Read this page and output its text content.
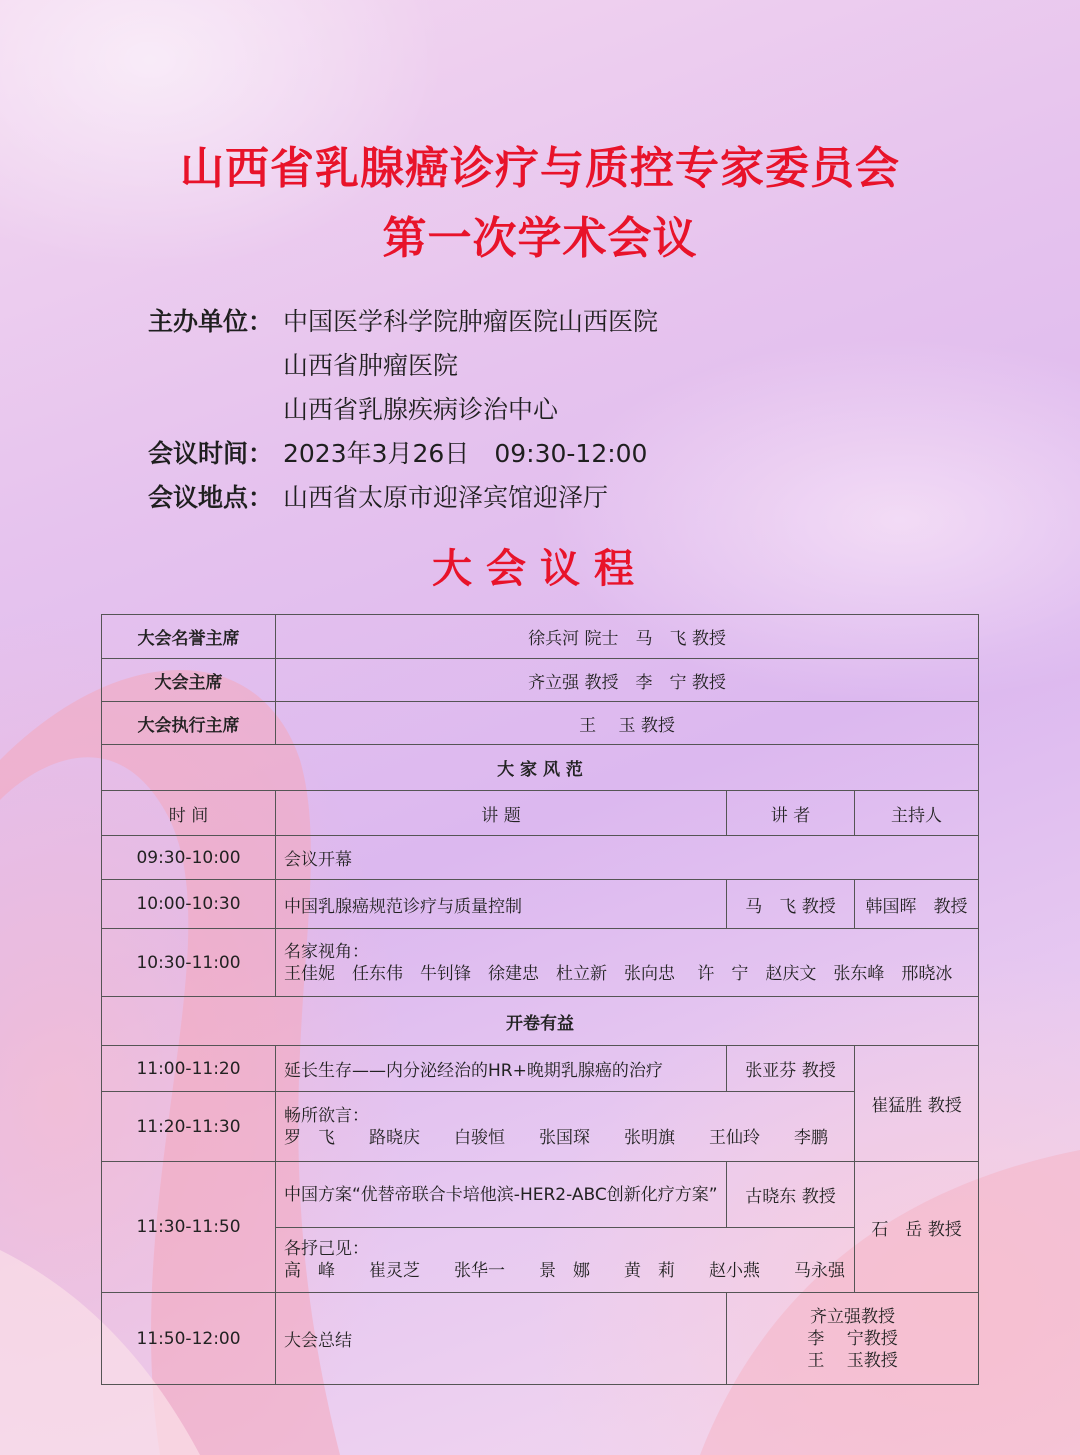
山西省乳腺癌诊疗与质控专家委员会
第一次学术会议
主办单位： 中国医学科学院肿瘤医院山西医院
山西省肿瘤医院
山西省乳腺疾病诊治中心
会议时间： 2023年3月26日　09:30-12:00
会议地点： 山西省太原市迎泽宾馆迎泽厅
大会议程
大会名誉主席	徐兵河 院士　马　飞 教授		
大会主席	齐立强 教授　李　宁 教授		
大会执行主席	王　 玉 教授		
大 家 风 范			
时 间	讲 题	讲 者	主持人
09:30-10:00	会议开幕		
10:00-10:30	中国乳腺癌规范诊疗与质量控制	马　飞 教授	韩国晖　教授
10:30-11:00	名家视角：
王佳妮　任东伟　牛钊锋　徐建忠　杜立新　张向忠　 许　宁　赵庆文　张东峰　邢晓冰		

开卷有益			
11:00-11:20	延长生存——内分泌经治的HR+晚期乳腺癌的治疗	张亚芬 教授	崔猛胜 教授
11:20-11:30	畅所欲言：
罗　飞　　路晓庆　　白骏恒　　张国琛　　张明旗　　王仙玲　　李鹏		

11:30-11:50	中国方案“优替帝联合卡培他滨-HER2-ABC创新化疗方案”	古晓东 教授	石　岳 教授

	各抒己见：
高　峰　　崔灵芝　　张华一　　景　娜　　黄　莉　　赵小燕　　马永强		

11:50-12:00	大会总结	齐立强教授
李　 宁教授
王　 玉教授	
